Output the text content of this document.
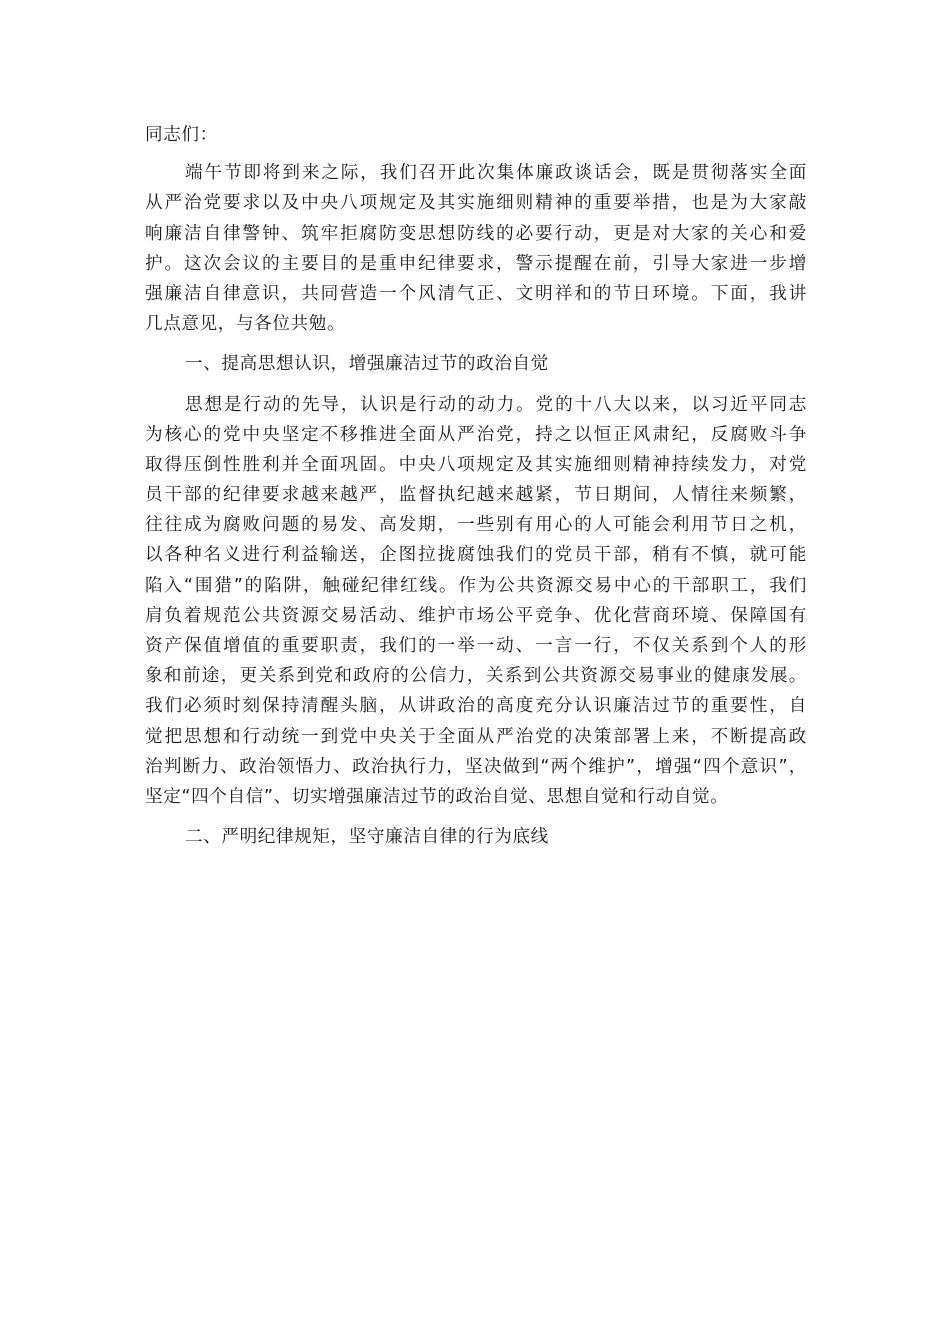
同志们：
端午节即将到来之际，我们召开此次集体廉政谈话会，既是贯彻落实全面
从严治党要求以及中央八项规定及其实施细则精神的重要举措，也是为大家敲
响廉洁自律警钟、筑牢拒腐防变思想防线的必要行动，更是对大家的关心和爱
护。这次会议的主要目的是重申纪律要求，警示提醒在前，引导大家进一步增
强廉洁自律意识，共同营造一个风清气正、文明祥和的节日环境。下面，我讲
几点意见，与各位共勉。
一、提高思想认识，增强廉洁过节的政治自觉
思想是行动的先导，认识是行动的动力。党的十八大以来，以习近平同志
为核心的党中央坚定不移推进全面从严治党，持之以恒正风肃纪，反腐败斗争
取得压倒性胜利并全面巩固。中央八项规定及其实施细则精神持续发力，对党
员干部的纪律要求越来越严，监督执纪越来越紧，节日期间，人情往来频繁，
往往成为腐败问题的易发、高发期，一些别有用心的人可能会利用节日之机，
以各种名义进行利益输送，企图拉拢腐蚀我们的党员干部，稍有不慎，就可能
陷入“围猎”的陷阱，触碰纪律红线。作为公共资源交易中心的干部职工，我们
肩负着规范公共资源交易活动、维护市场公平竞争、优化营商环境、保障国有
资产保值增值的重要职责，我们的一举一动、一言一行，不仅关系到个人的形
象和前途，更关系到党和政府的公信力，关系到公共资源交易事业的健康发展。
我们必须时刻保持清醒头脑，从讲政治的高度充分认识廉洁过节的重要性，自
觉把思想和行动统一到党中央关于全面从严治党的决策部署上来，不断提高政
治判断力、政治领悟力、政治执行力，坚决做到“两个维护”，增强“四个意识”，
坚定“四个自信”、切实增强廉洁过节的政治自觉、思想自觉和行动自觉。
二、严明纪律规矩，坚守廉洁自律的行为底线
